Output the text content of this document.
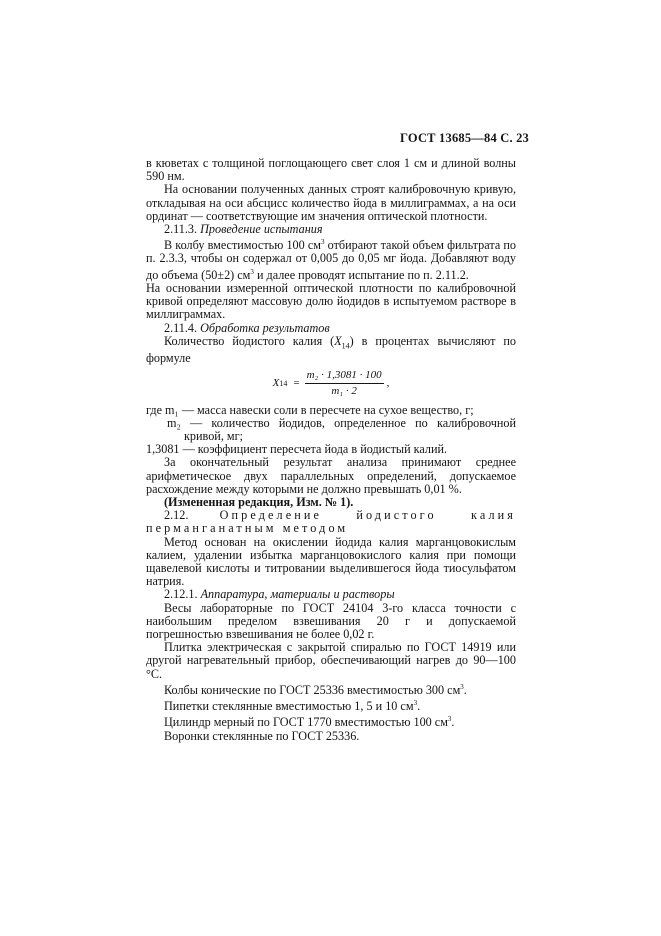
ГОСТ 13685—84 С. 23

в кюветах с толщиной поглощающего свет слоя 1 см и длиной волны 590 нм.

На основании полученных данных строят калибровочную кривую, откладывая на оси абсцисс количество йода в миллиграммах, а на оси ординат — соответствующие им значения оптической плотности.

2.11.3. Проведение испытания

В колбу вместимостью 100 $см^3$ отбирают такой объем фильтрата по п. 2.3.3, чтобы он содержал от 0,005 до 0,05 мг йода. Добавляют воду до объема (50±2) $см^3$ и далее проводят испытание по п. 2.11.2.

На основании измеренной оптической плотности по калибровочной кривой определяют массовую долю йодидов в испытуемом растворе в миллиграммах.

2.11.4. Обработка результатов

Количество йодистого калия $(X_{14})$ в процентах вычисляют по формуле

X $14 = \frac{\text{m₂ · 1,3081 · 100}}{\text{m₁ · 2}}$ ,

где m₁ — масса навески соли в пересчете на сухое вещество, г;

m₂ — количество йодидов, определенное по калибровочной кривой, мг;

1,3081 — коэффициент пересчета йода в йодистый калий.

За окончательный результат анализа принимают среднее арифметическое двух параллельных определений, допускаемое расхождение между которыми не должно превышать 0,01 %.

(Измененная редакция, Изм. № 1).

2.12.	Определение йодистого калия перманганатным методом

Метод основан на окислении йодида калия марганцовокислым калием, удалении избытка марганцовокислого калия при помощи щавелевой кислоты и титровании выделившегося йода тиосульфатом натрия.

2.12.1. Аппаратура, материалы и растворы

Весы лабораторные по ГОСТ 24104 3-го класса точности с наибольшим пределом взвешивания 20 г и допускаемой погрешностью взвешивания не более 0,02 г.

Плитка электрическая с закрытой спиралью по ГОСТ 14919 или другой нагревательный прибор, обеспечивающий нагрев до 90—100 °С.

Колбы конические по ГОСТ 25336 вместимостью 300 $см^3$.

Пипетки стеклянные вместимостью 1, 5 и 10 $см^3$.

Цилиндр мерный по ГОСТ 1770 вместимостью 100 $см^3$.

Воронки стеклянные по ГОСТ 25336.
